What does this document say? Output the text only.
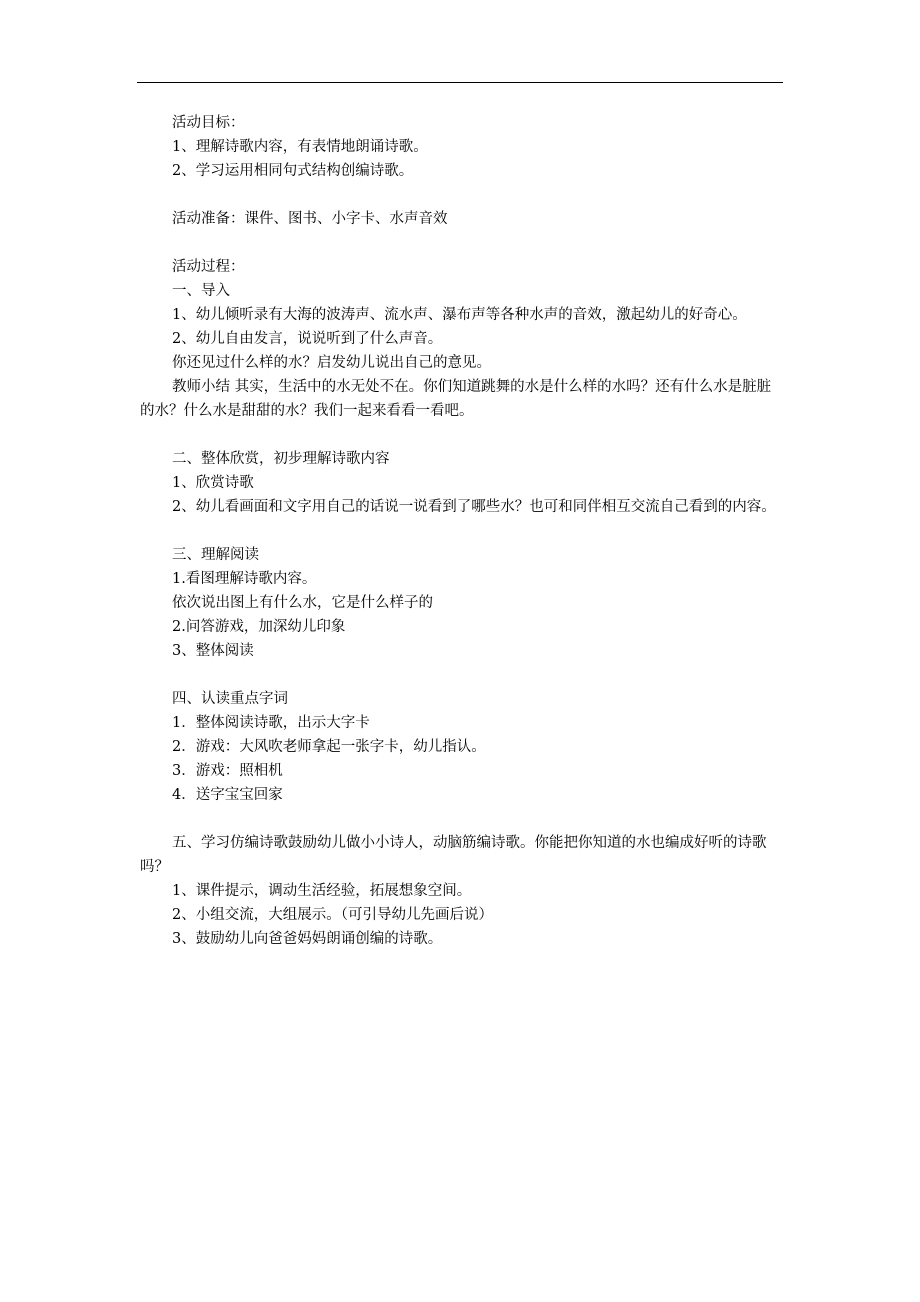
活动目标：

1、理解诗歌内容，有表情地朗诵诗歌。

2、学习运用相同句式结构创编诗歌。

活动准备：课件、图书、小字卡、水声音效

活动过程：

一、导入

1、幼儿倾听录有大海的波涛声、流水声、瀑布声等各种水声的音效，激起幼儿的好奇心。

2、幼儿自由发言，说说听到了什么声音。

你还见过什么样的水？启发幼儿说出自己的意见。

教师小结 其实，生活中的水无处不在。你们知道跳舞的水是什么样的水吗？还有什么水是脏脏的水？什么水是甜甜的水？我们一起来看看一看吧。

二、整体欣赏，初步理解诗歌内容

1、欣赏诗歌

2、幼儿看画面和文字用自己的话说一说看到了哪些水？也可和同伴相互交流自己看到的内容。

三、理解阅读

1.看图理解诗歌内容。

依次说出图上有什么水，它是什么样子的

2.问答游戏，加深幼儿印象

3、整体阅读

四、认读重点字词

1．整体阅读诗歌，出示大字卡

2．游戏：大风吹老师拿起一张字卡，幼儿指认。

3．游戏：照相机

4．送字宝宝回家

五、学习仿编诗歌鼓励幼儿做小小诗人，动脑筋编诗歌。你能把你知道的水也编成好听的诗歌吗？

1、课件提示，调动生活经验，拓展想象空间。

2、小组交流，大组展示。（可引导幼儿先画后说）

3、鼓励幼儿向爸爸妈妈朗诵创编的诗歌。
